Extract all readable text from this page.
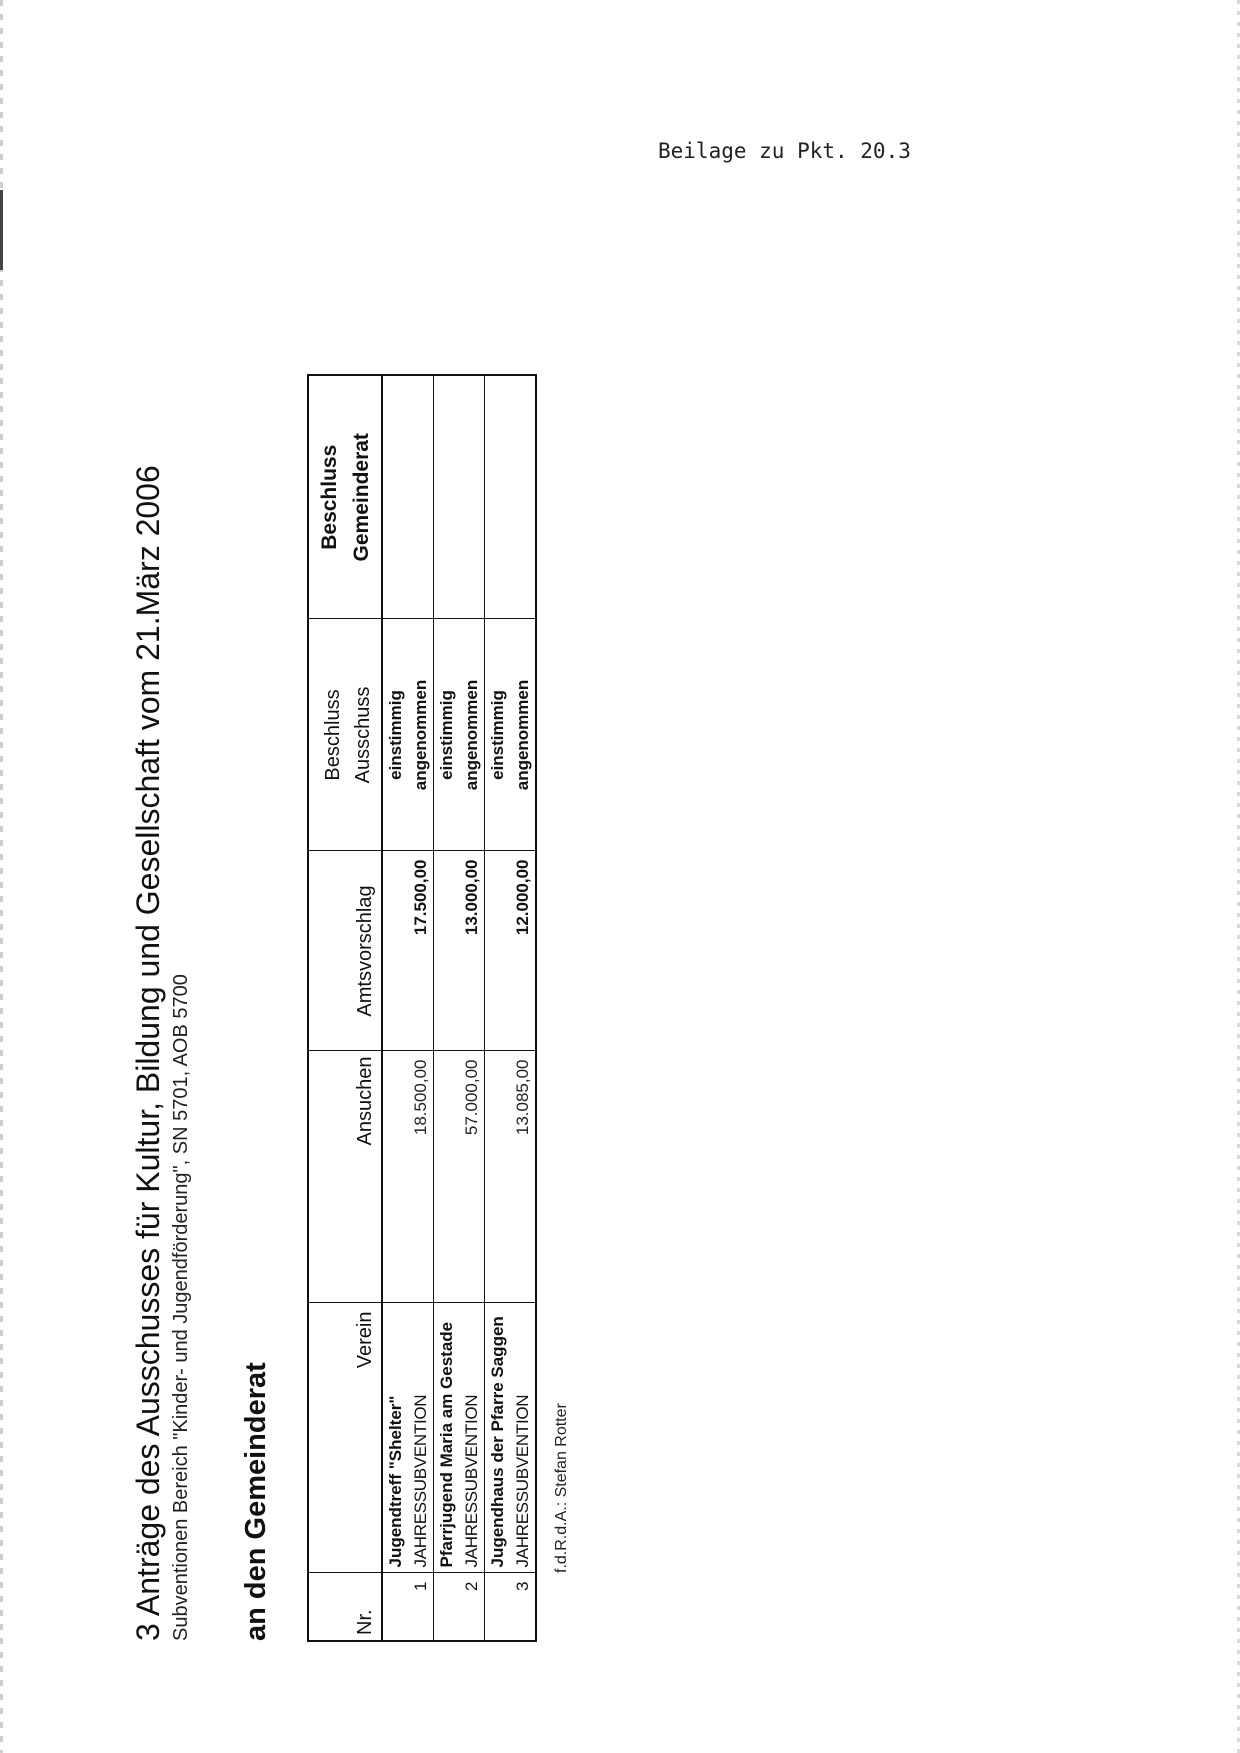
Beilage zu Pkt. 20.3
3 Anträge des Ausschusses für Kultur, Bildung und Gesellschaft vom 21.März 2006 Subventionen Bereich "Kinder- und Jugendförderung", SN 5701, AOB 5700 an den Gemeinderat	Nr.	Verein	Ansuchen	Amtsvorschlag	Beschluss Ausschuss	Beschluss Gemeinderat

1	Jugendtreff "Shelter" JAHRESSUBVENTION	18.500,00	17.500,00	einstimmig angenommen	

2	Pfarrjugend Maria am Gestade JAHRESSUBVENTION	57.000,00	13.000,00	einstimmig angenommen	

3	Jugendhaus der Pfarre Saggen JAHRESSUBVENTION	13.085,00	12.000,00	einstimmig angenommen	

f.d.R.d.A.: Stefan Rotter
